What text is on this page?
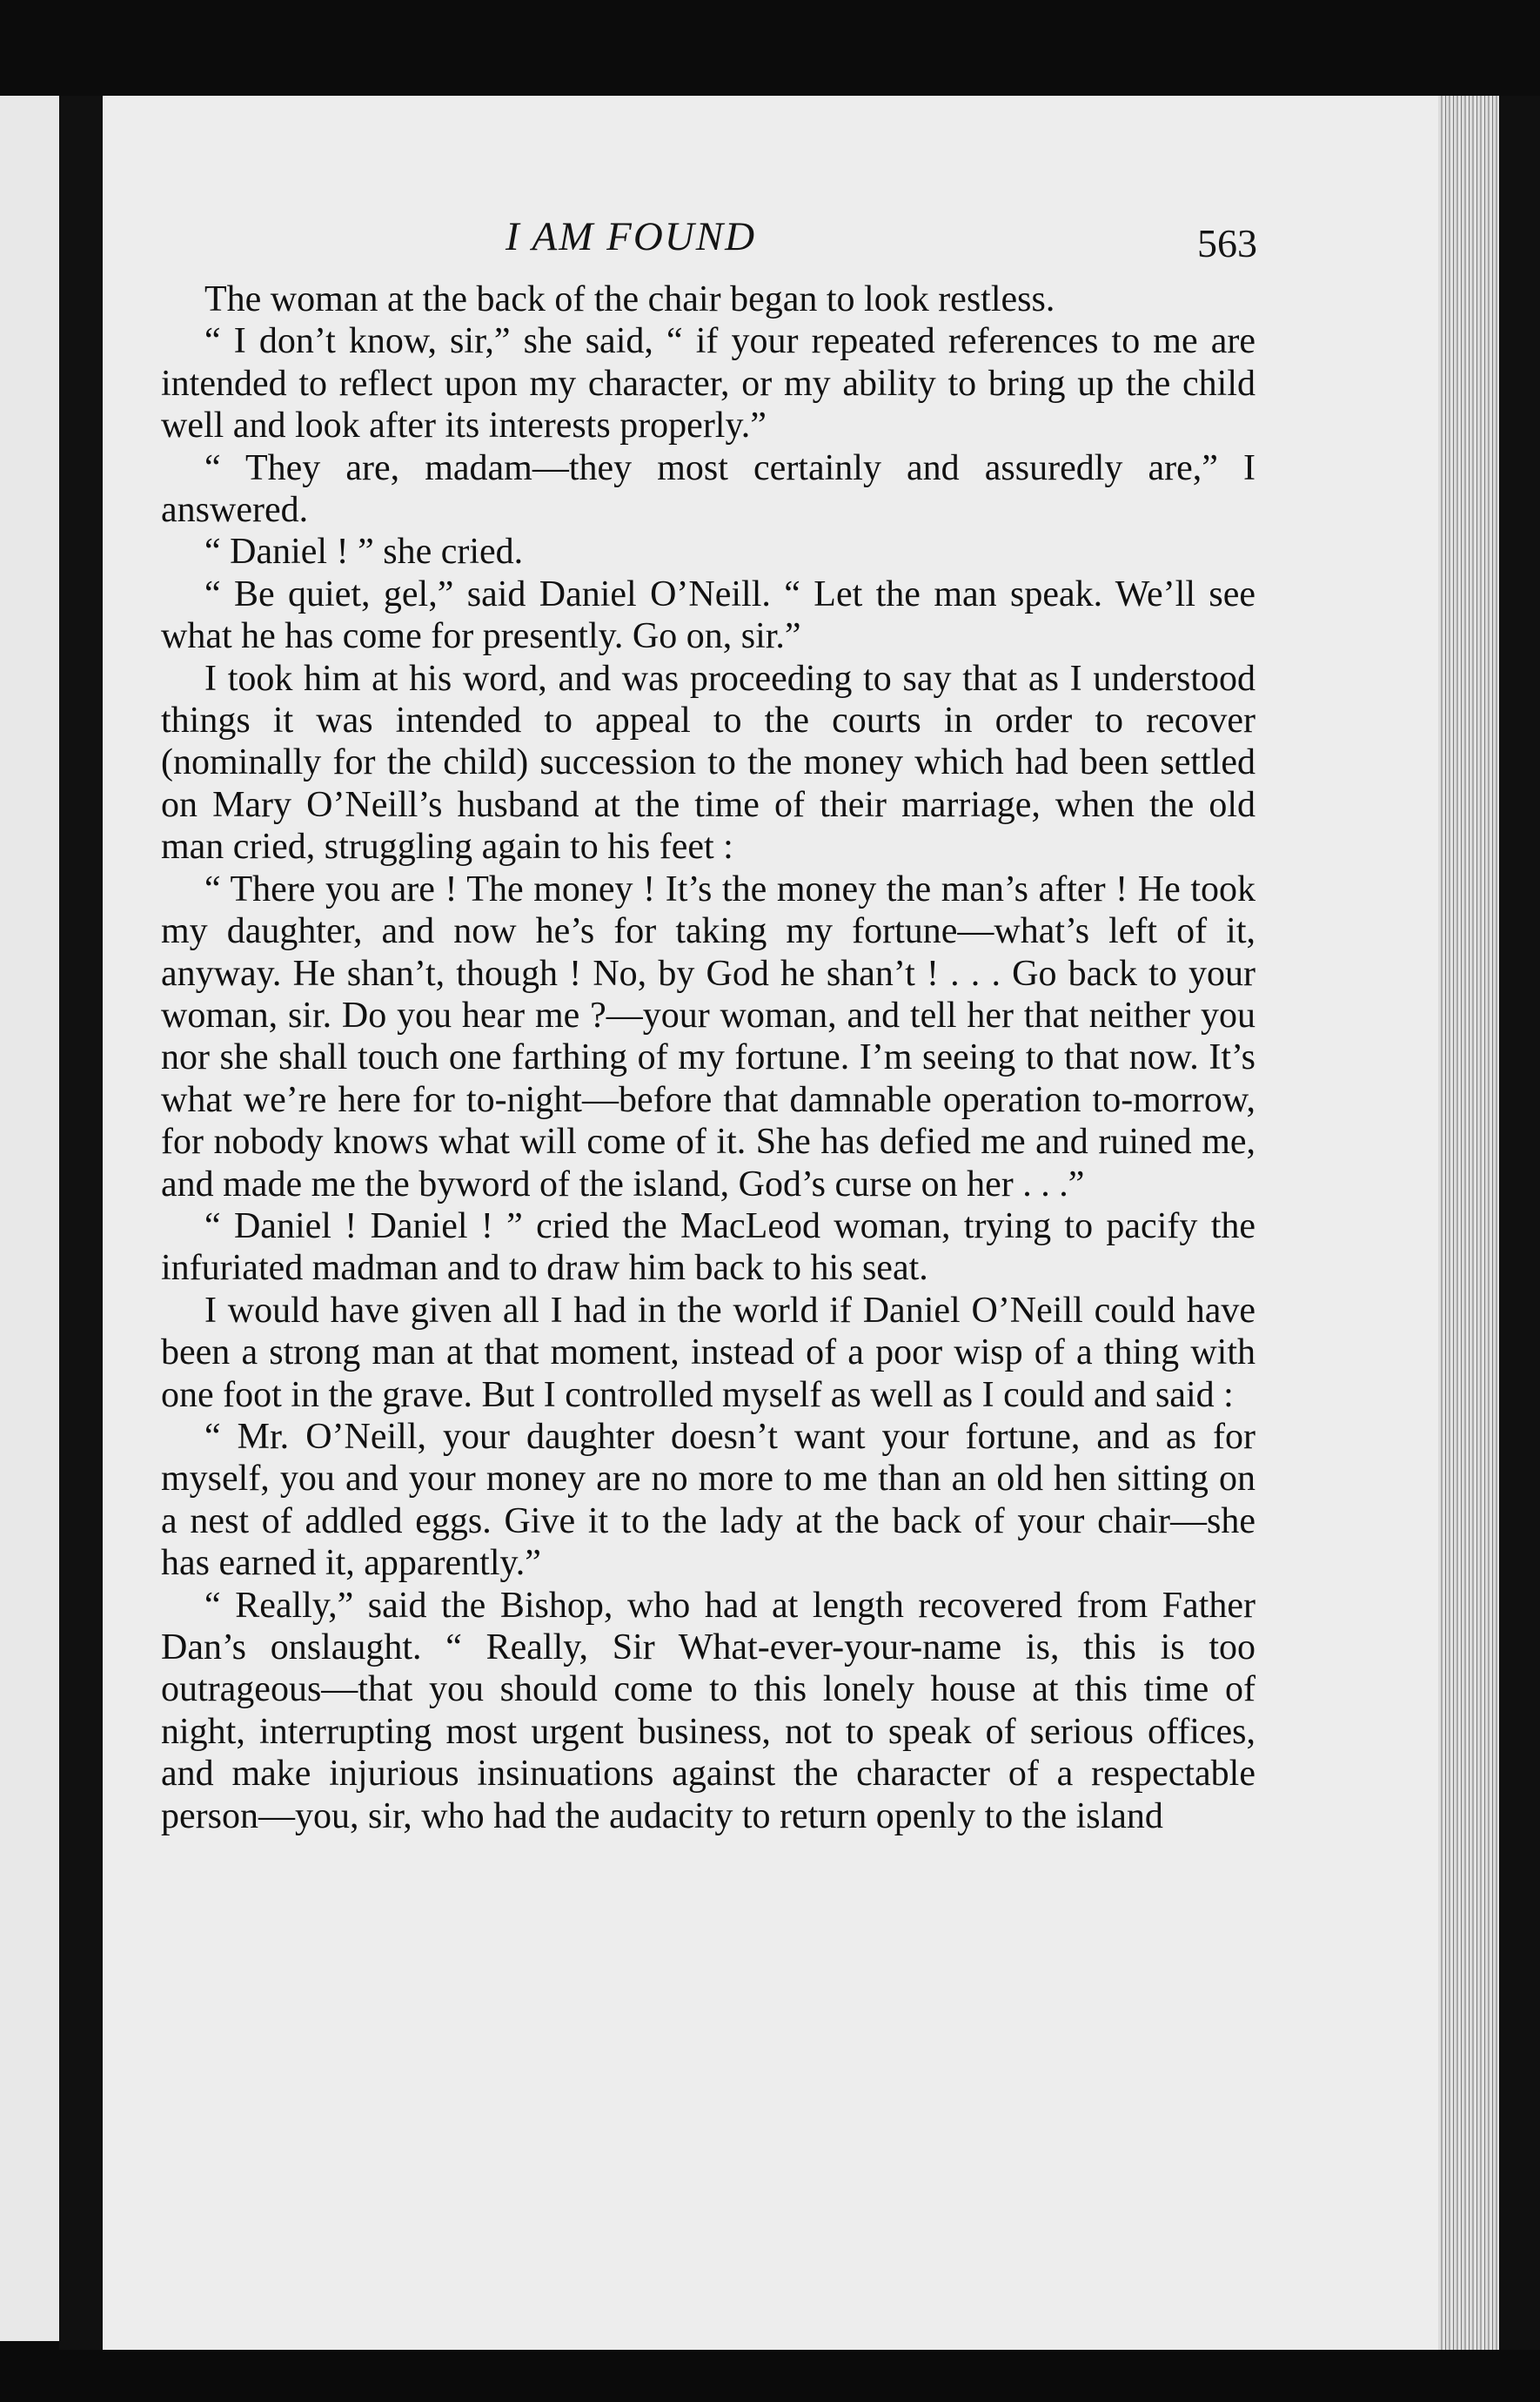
I AM FOUND	563

The woman at the back of the chair began to look restless.

“ I don’t know, sir,” she said, “ if your repeated references to me are intended to reflect upon my character, or my ability to bring up the child well and look after its interests properly.”

“ They are, madam—they most certainly and assuredly are,” I answered.

“ Daniel ! ” she cried.

“ Be quiet, gel,” said Daniel O’Neill. “ Let the man speak. We’ll see what he has come for presently. Go on, sir.”

I took him at his word, and was proceeding to say that as I understood things it was intended to appeal to the courts in order to recover (nominally for the child) succession to the money which had been settled on Mary O’Neill’s husband at the time of their marriage, when the old man cried, struggling again to his feet :

“ There you are ! The money ! It’s the money the man’s after ! He took my daughter, and now he’s for taking my fortune—what’s left of it, anyway. He shan’t, though ! No, by God he shan’t ! . . . Go back to your woman, sir. Do you hear me ?—your woman, and tell her that neither you nor she shall touch one farthing of my fortune. I’m seeing to that now. It’s what we’re here for to-night—before that damnable operation to-morrow, for nobody knows what will come of it. She has defied me and ruined me, and made me the byword of the island, God’s curse on her . . .”

“ Daniel ! Daniel ! ” cried the MacLeod woman, trying to pacify the infuriated madman and to draw him back to his seat.

I would have given all I had in the world if Daniel O’Neill could have been a strong man at that moment, instead of a poor wisp of a thing with one foot in the grave. But I controlled myself as well as I could and said :

“ Mr. O’Neill, your daughter doesn’t want your fortune, and as for myself, you and your money are no more to me than an old hen sitting on a nest of addled eggs. Give it to the lady at the back of your chair—she has earned it, apparently.”

“ Really,” said the Bishop, who had at length recovered from Father Dan’s onslaught. “ Really, Sir What-ever-your-name is, this is too outrageous—that you should come to this lonely house at this time of night, interrupting most urgent business, not to speak of serious offices, and make injurious insinuations against the character of a respectable person—you, sir, who had the audacity to return openly to the island
